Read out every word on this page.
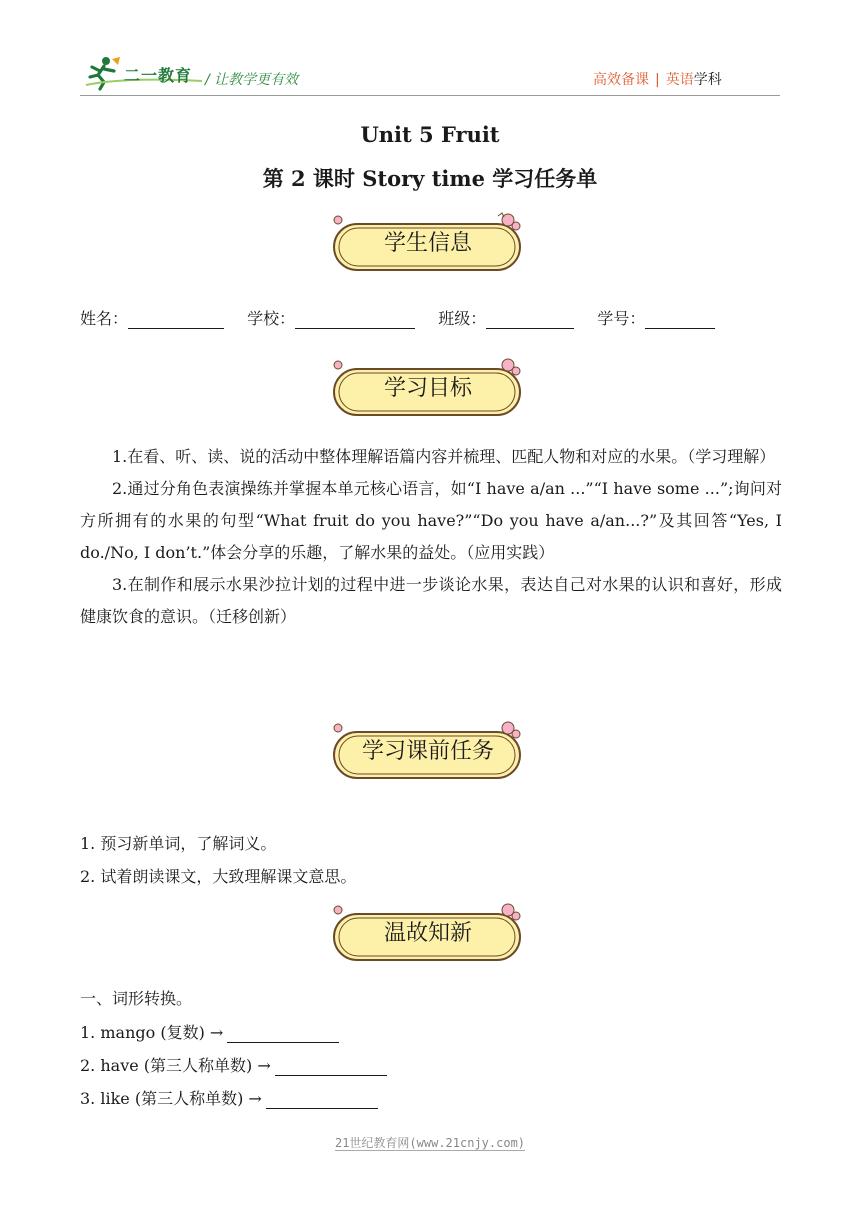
二一教育 / 让教学更有效	高效备课 | 英语学科
Unit 5 Fruit
第 2 课时 Story time 学习任务单
学生信息
姓名：	学校：	班级：	学号：
学习目标

1.在看、听、读、说的活动中整体理解语篇内容并梳理、匹配人物和对应的水果。（学习理解）

2.通过分角色表演操练并掌握本单元核心语言，如“I have a/an ...”“I have some ...”;询问对方所拥有的水果的句型“What fruit do you have?”“Do you have a/an...?”及其回答“Yes, I do./No, I don’t.”体会分享的乐趣，了解水果的益处。（应用实践）

3.在制作和展示水果沙拉计划的过程中进一步谈论水果，表达自己对水果的认识和喜好，形成健康饮食的意识。（迁移创新）

学习课前任务
1. 预习新单词，了解词义。
2. 试着朗读课文，大致理解课文意思。
温故知新
一、词形转换。
1. mango (复数) →
2. have (第三人称单数) →
3. like (第三人称单数) →
21世纪教育网(www.21cnjy.com)
